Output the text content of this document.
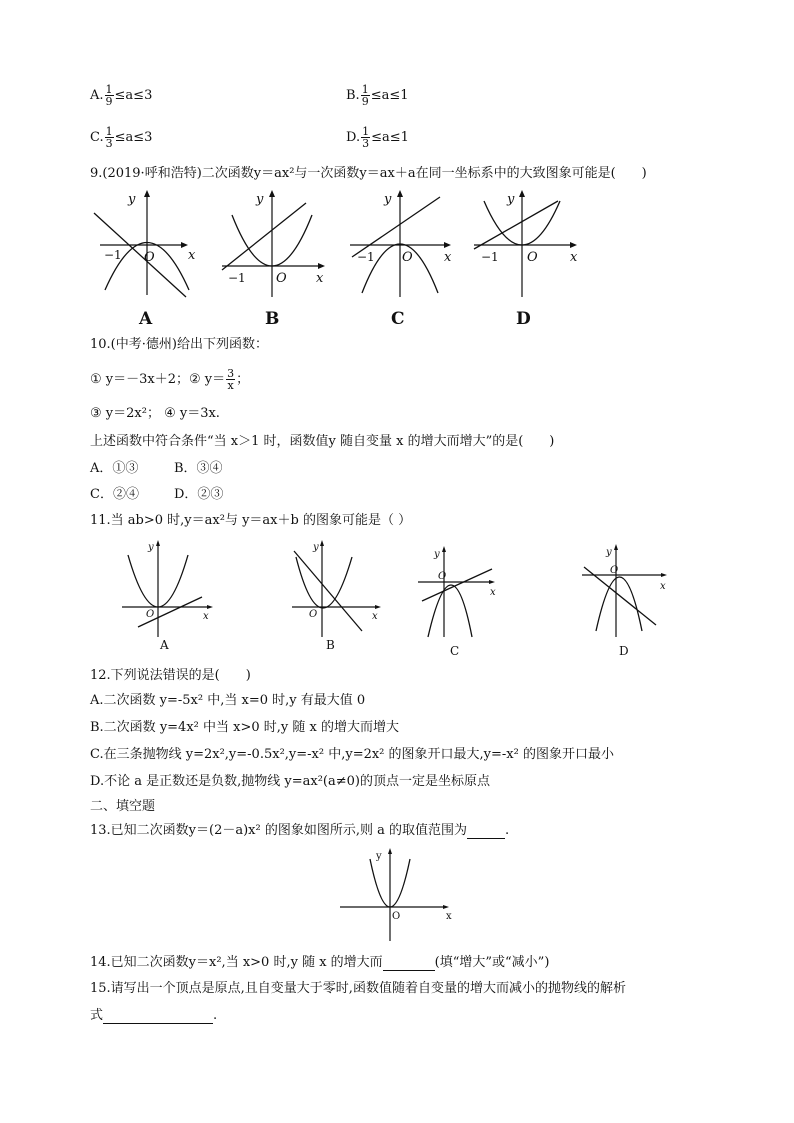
A. $\frac{1}{9} \le a\le 3$	B. $\frac{1}{9} \le a\le 1$
C. $\frac{1}{3} \le a\le 3$	D. $\frac{1}{3} \le a\le 1$
9.(2019·呼和浩特)二次函数y＝ax²与一次函数y＝ax＋a在同一坐标系中的大致图象可能是(　　)
y
x
O
−1
A
y
x
O
−1
B
y
x
O
−1
C
y
x
O
−1
D
10.(中考·德州)给出下列函数：
① y＝－3x＋2；② $y= \frac{3}{x}$ ；
③ y＝2x²； ④ y＝3x.
上述函数中符合条件“当 x＞1 时，函数值y 随自变量 x 的增大而增大”的是(　　)
A．①③	B．③④
C．②④	D．②③
11.当 ab>0 时,y＝ax²与 y＝ax＋b 的图象可能是（ ）
y
x
O
A
y
x
O
B
y
x
O
C
y
x
O
D
12.下列说法错误的是(　　)
A.二次函数 y=-5x² 中,当 x=0 时,y 有最大值 0
B.二次函数 y=4x² 中当 x>0 时,y 随 x 的增大而增大
C.在三条抛物线 y=2x²,y=-0.5x²,y=-x² 中,y=2x² 的图象开口最大,y=-x² 的图象开口最小
D.不论 a 是正数还是负数,抛物线 y=ax²(a≠0)的顶点一定是坐标原点
二、填空题
13.已知二次函数y＝(2－a)x² 的图象如图所示,则 a 的取值范围为	.
y
x
O
14.已知二次函数y＝x²,当 x>0 时,y 随 x 的增大而	(填“增大”或“减小”)
15.请写出一个顶点是原点,且自变量大于零时,函数值随着自变量的增大而减小的抛物线的解析
式	.
